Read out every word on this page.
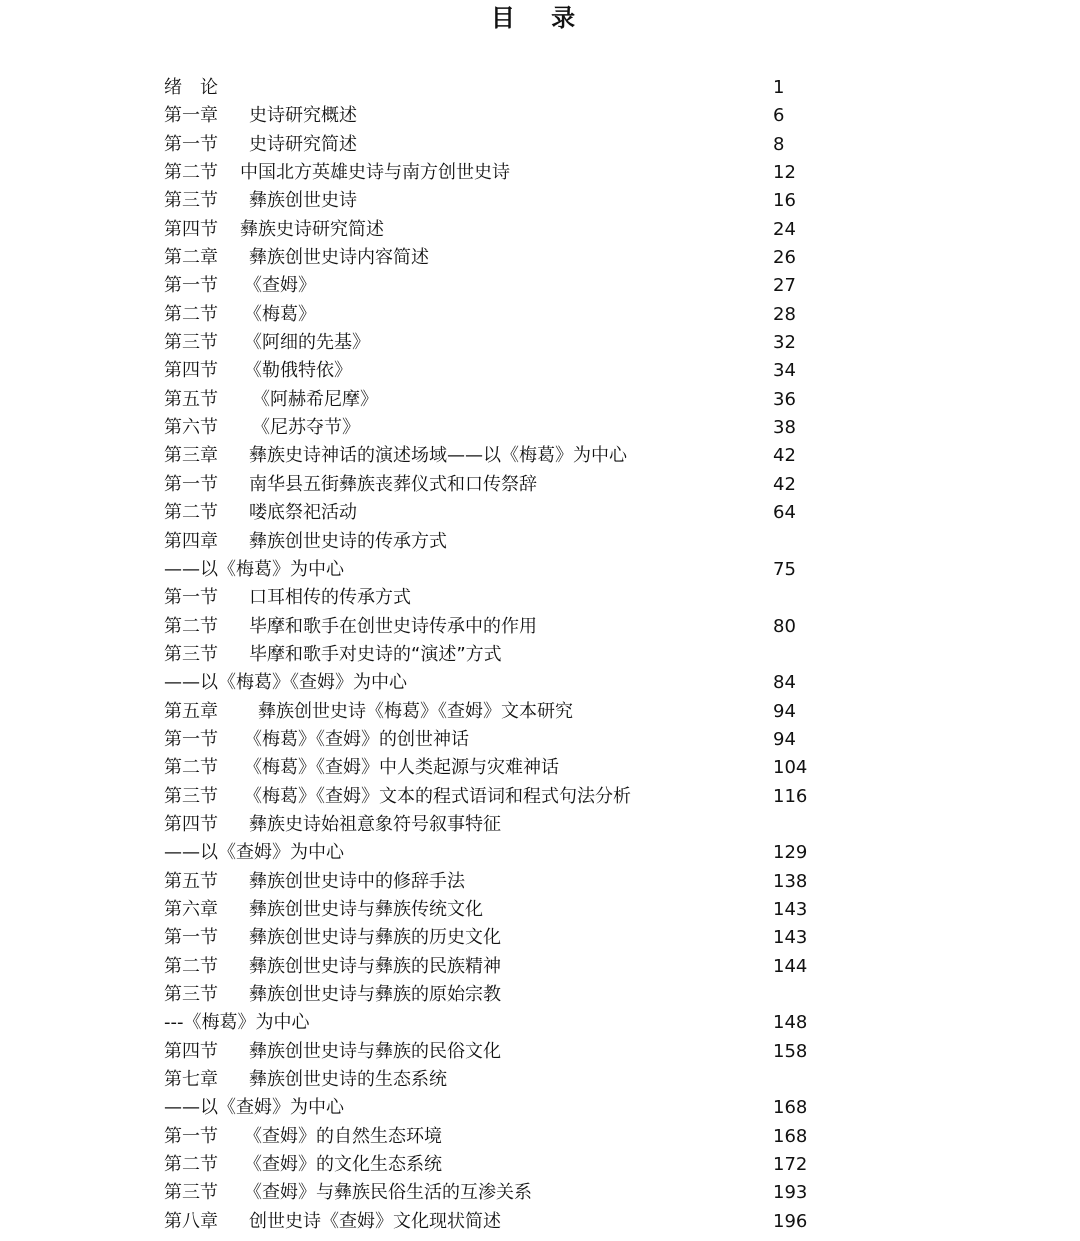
目 录
绪 论	1
第一章 史诗研究概述	6
第一节 史诗研究简述	8
第二节 中国北方英雄史诗与南方创世史诗	12
第三节 彝族创世史诗	16
第四节 彝族史诗研究简述	24
第二章 彝族创世史诗内容简述	26
第一节 《查姆》	27
第二节 《梅葛》	28
第三节 《阿细的先基》	32
第四节 《勒俄特依》	34
第五节 《阿赫希尼摩》	36
第六节 《尼苏夺节》	38
第三章 彝族史诗神话的演述场域——以《梅葛》为中心	42
第一节 南华县五街彝族丧葬仪式和口传祭辞	42
第二节 喽底祭祀活动	64
第四章 彝族创世史诗的传承方式
——以《梅葛》为中心	75
第一节 口耳相传的传承方式
第二节 毕摩和歌手在创世史诗传承中的作用	80
第三节 毕摩和歌手对史诗的“演述”方式
——以《梅葛》《查姆》为中心	84
第五章 彝族创世史诗《梅葛》《查姆》文本研究	94
第一节 《梅葛》《查姆》的创世神话	94
第二节 《梅葛》《查姆》中人类起源与灾难神话	104
第三节 《梅葛》《查姆》文本的程式语词和程式句法分析	116
第四节 彝族史诗始祖意象符号叙事特征
——以《查姆》为中心	129
第五节 彝族创世史诗中的修辞手法	138
第六章 彝族创世史诗与彝族传统文化	143
第一节 彝族创世史诗与彝族的历史文化	143
第二节 彝族创世史诗与彝族的民族精神	144
第三节 彝族创世史诗与彝族的原始宗教
---《梅葛》为中心	148
第四节 彝族创世史诗与彝族的民俗文化	158
第七章 彝族创世史诗的生态系统
——以《查姆》为中心	168
第一节 《查姆》的自然生态环境	168
第二节 《查姆》的文化生态系统	172
第三节 《查姆》与彝族民俗生活的互渗关系	193
第八章 创世史诗《查姆》文化现状简述	196
